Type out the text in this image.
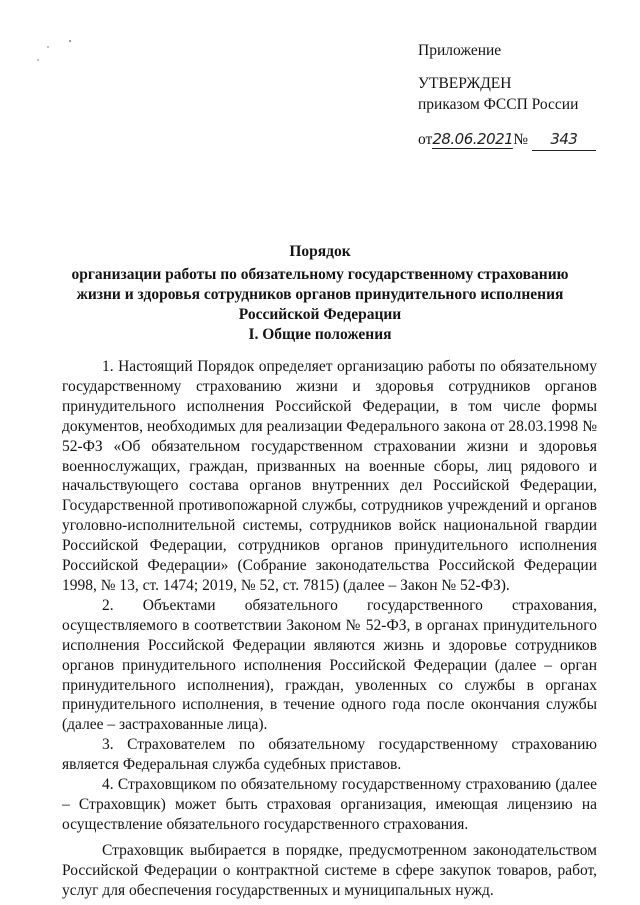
Приложение
УТВЕРЖДЕН
приказом ФССП России
от28.06.2021№ 343
Порядок
организации работы по обязательному государственному страхованию
жизни и здоровья сотрудников органов принудительного исполнения
Российской Федерации
I. Общие положения

1. Настоящий Порядок определяет организацию работы по обязательному государственному страхованию жизни и здоровья сотрудников органов принудительного исполнения Российской Федерации, в том числе формы документов, необходимых для реализации Федерального закона от 28.03.1998 № 52-ФЗ «Об обязательном государственном страховании жизни и здоровья военнослужащих, граждан, призванных на военные сборы, лиц рядового и начальствующего состава органов внутренних дел Российской Федерации, Государственной противопожарной службы, сотрудников учреждений и органов уголовно-исполнительной системы, сотрудников войск национальной гвардии Российской Федерации, сотрудников органов принудительного исполнения Российской Федерации» (Собрание законодательства Российской Федерации 1998, № 13, ст. 1474; 2019, № 52, ст. 7815) (далее – Закон № 52-ФЗ).

2. Объектами обязательного государственного страхования, осуществляемого в соответствии Законом № 52-ФЗ, в органах принудительного исполнения Российской Федерации являются жизнь и здоровье сотрудников органов принудительного исполнения Российской Федерации (далее – орган принудительного исполнения), граждан, уволенных со службы в органах принудительного исполнения, в течение одного года после окончания службы (далее – застрахованные лица).

3. Страхователем по обязательному государственному страхованию является Федеральная служба судебных приставов.

4. Страховщиком по обязательному государственному страхованию (далее – Страховщик) может быть страховая организация, имеющая лицензию на осуществление обязательного государственного страхования.

Страховщик выбирается в порядке, предусмотренном законодательством Российской Федерации о контрактной системе в сфере закупок товаров, работ, услуг для обеспечения государственных и муниципальных нужд.
